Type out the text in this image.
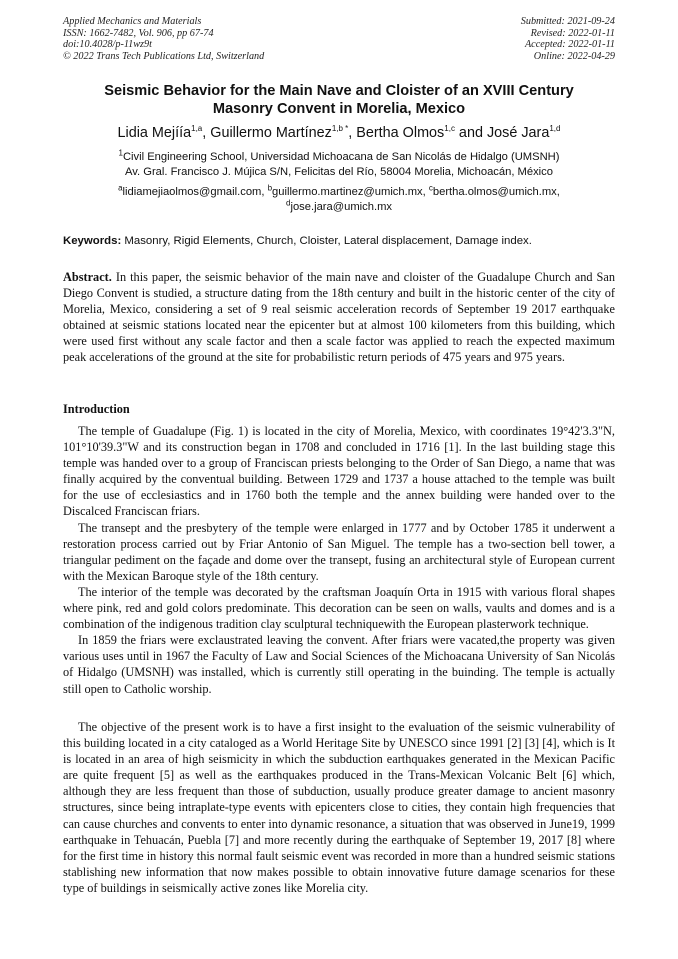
Applied Mechanics and Materials
ISSN: 1662-7482, Vol. 906, pp 67-74
doi:10.4028/p-11wz9t
© 2022 Trans Tech Publications Ltd, Switzerland
Submitted: 2021-09-24
Revised: 2022-01-11
Accepted: 2022-01-11
Online: 2022-04-29
Seismic Behavior for the Main Nave and Cloister of an XVIII Century
Masonry Convent in Morelia, Mexico
Lidia Mejíía$^{1,a}$, Guillermo Martínez$^{1,b *}$, Bertha Olmos$^{1,c}$ and José Jara$^{1,d}$
$^1$Civil Engineering School, Universidad Michoacana de San Nicolás de Hidalgo (UMSNH)
Av. Gral. Francisco J. Mújica S/N, Felicitas del Río, 58004 Morelia, Michoacán, México
$^a$lidiamejiaolmos@gmail.com, $^b$guillermo.martinez@umich.mx, $^c$bertha.olmos@umich.mx,
$^d$jose.jara@umich.mx
Keywords: Masonry, Rigid Elements, Church, Cloister, Lateral displacement, Damage index.

Abstract. In this paper, the seismic behavior of the main nave and cloister of the Guadalupe Church and San Diego Convent is studied, a structure dating from the 18th century and built in the historic center of the city of Morelia, Mexico, considering a set of 9 real seismic acceleration records of September 19 2017 earthquake obtained at seismic stations located near the epicenter but at almost 100 kilometers from this building, which were used first without any scale factor and then a scale factor was applied to reach the expected maximum peak accelerations of the ground at the site for probabilistic return periods of 475 years and 975 years.

Introduction

The temple of Guadalupe (Fig. 1) is located in the city of Morelia, Mexico, with coordinates 19°42'3.3"N, 101°10'39.3"W and its construction began in 1708 and concluded in 1716 [1]. In the last building stage this temple was handed over to a group of Franciscan priests belonging to the Order of San Diego, a name that was finally acquired by the conventual building. Between 1729 and 1737 a house attached to the temple was built for the use of ecclesiastics and in 1760 both the temple and the annex building were handed over to the Discalced Franciscan friars.

The transept and the presbytery of the temple were enlarged in 1777 and by October 1785 it underwent a restoration process carried out by Friar Antonio of San Miguel. The temple has a two-section bell tower, a triangular pediment on the façade and dome over the transept, fusing an architectural style of European current with the Mexican Baroque style of the 18th century.

The interior of the temple was decorated by the craftsman Joaquín Orta in 1915 with various floral shapes where pink, red and gold colors predominate. This decoration can be seen on walls, vaults and domes and is a combination of the indigenous tradition clay sculptural techniquewith the European plasterwork technique.

In 1859 the friars were exclaustrated leaving the convent. After friars were vacated,the property was given various uses until in 1967 the Faculty of Law and Social Sciences of the Michoacana University of San Nicolás of Hidalgo (UMSNH) was installed, which is currently still operating in the buinding. The temple is actually still open to Catholic worship.

The objective of the present work is to have a first insight to the evaluation of the seismic vulnerability of this building located in a city cataloged as a World Heritage Site by UNESCO since 1991 [2] [3] [4], which is It is located in an area of high seismicity in which the subduction earthquakes generated in the Mexican Pacific are quite frequent [5] as well as the earthquakes produced in the Trans-Mexican Volcanic Belt [6] which, although they are less frequent than those of subduction, usually produce greater damage to ancient masonry structures, since being intraplate-type events with epicenters close to cities, they contain high frequencies that can cause churches and convents to enter into dynamic resonance, a situation that was observed in June19, 1999 earthquake in Tehuacán, Puebla [7] and more recently during the earthquake of September 19, 2017 [8] where for the first time in history this normal fault seismic event was recorded in more than a hundred seismic stations stablishing new information that now makes possible to obtain innovative future damage scenarios for these type of buildings in seismically active zones like Morelia city.
